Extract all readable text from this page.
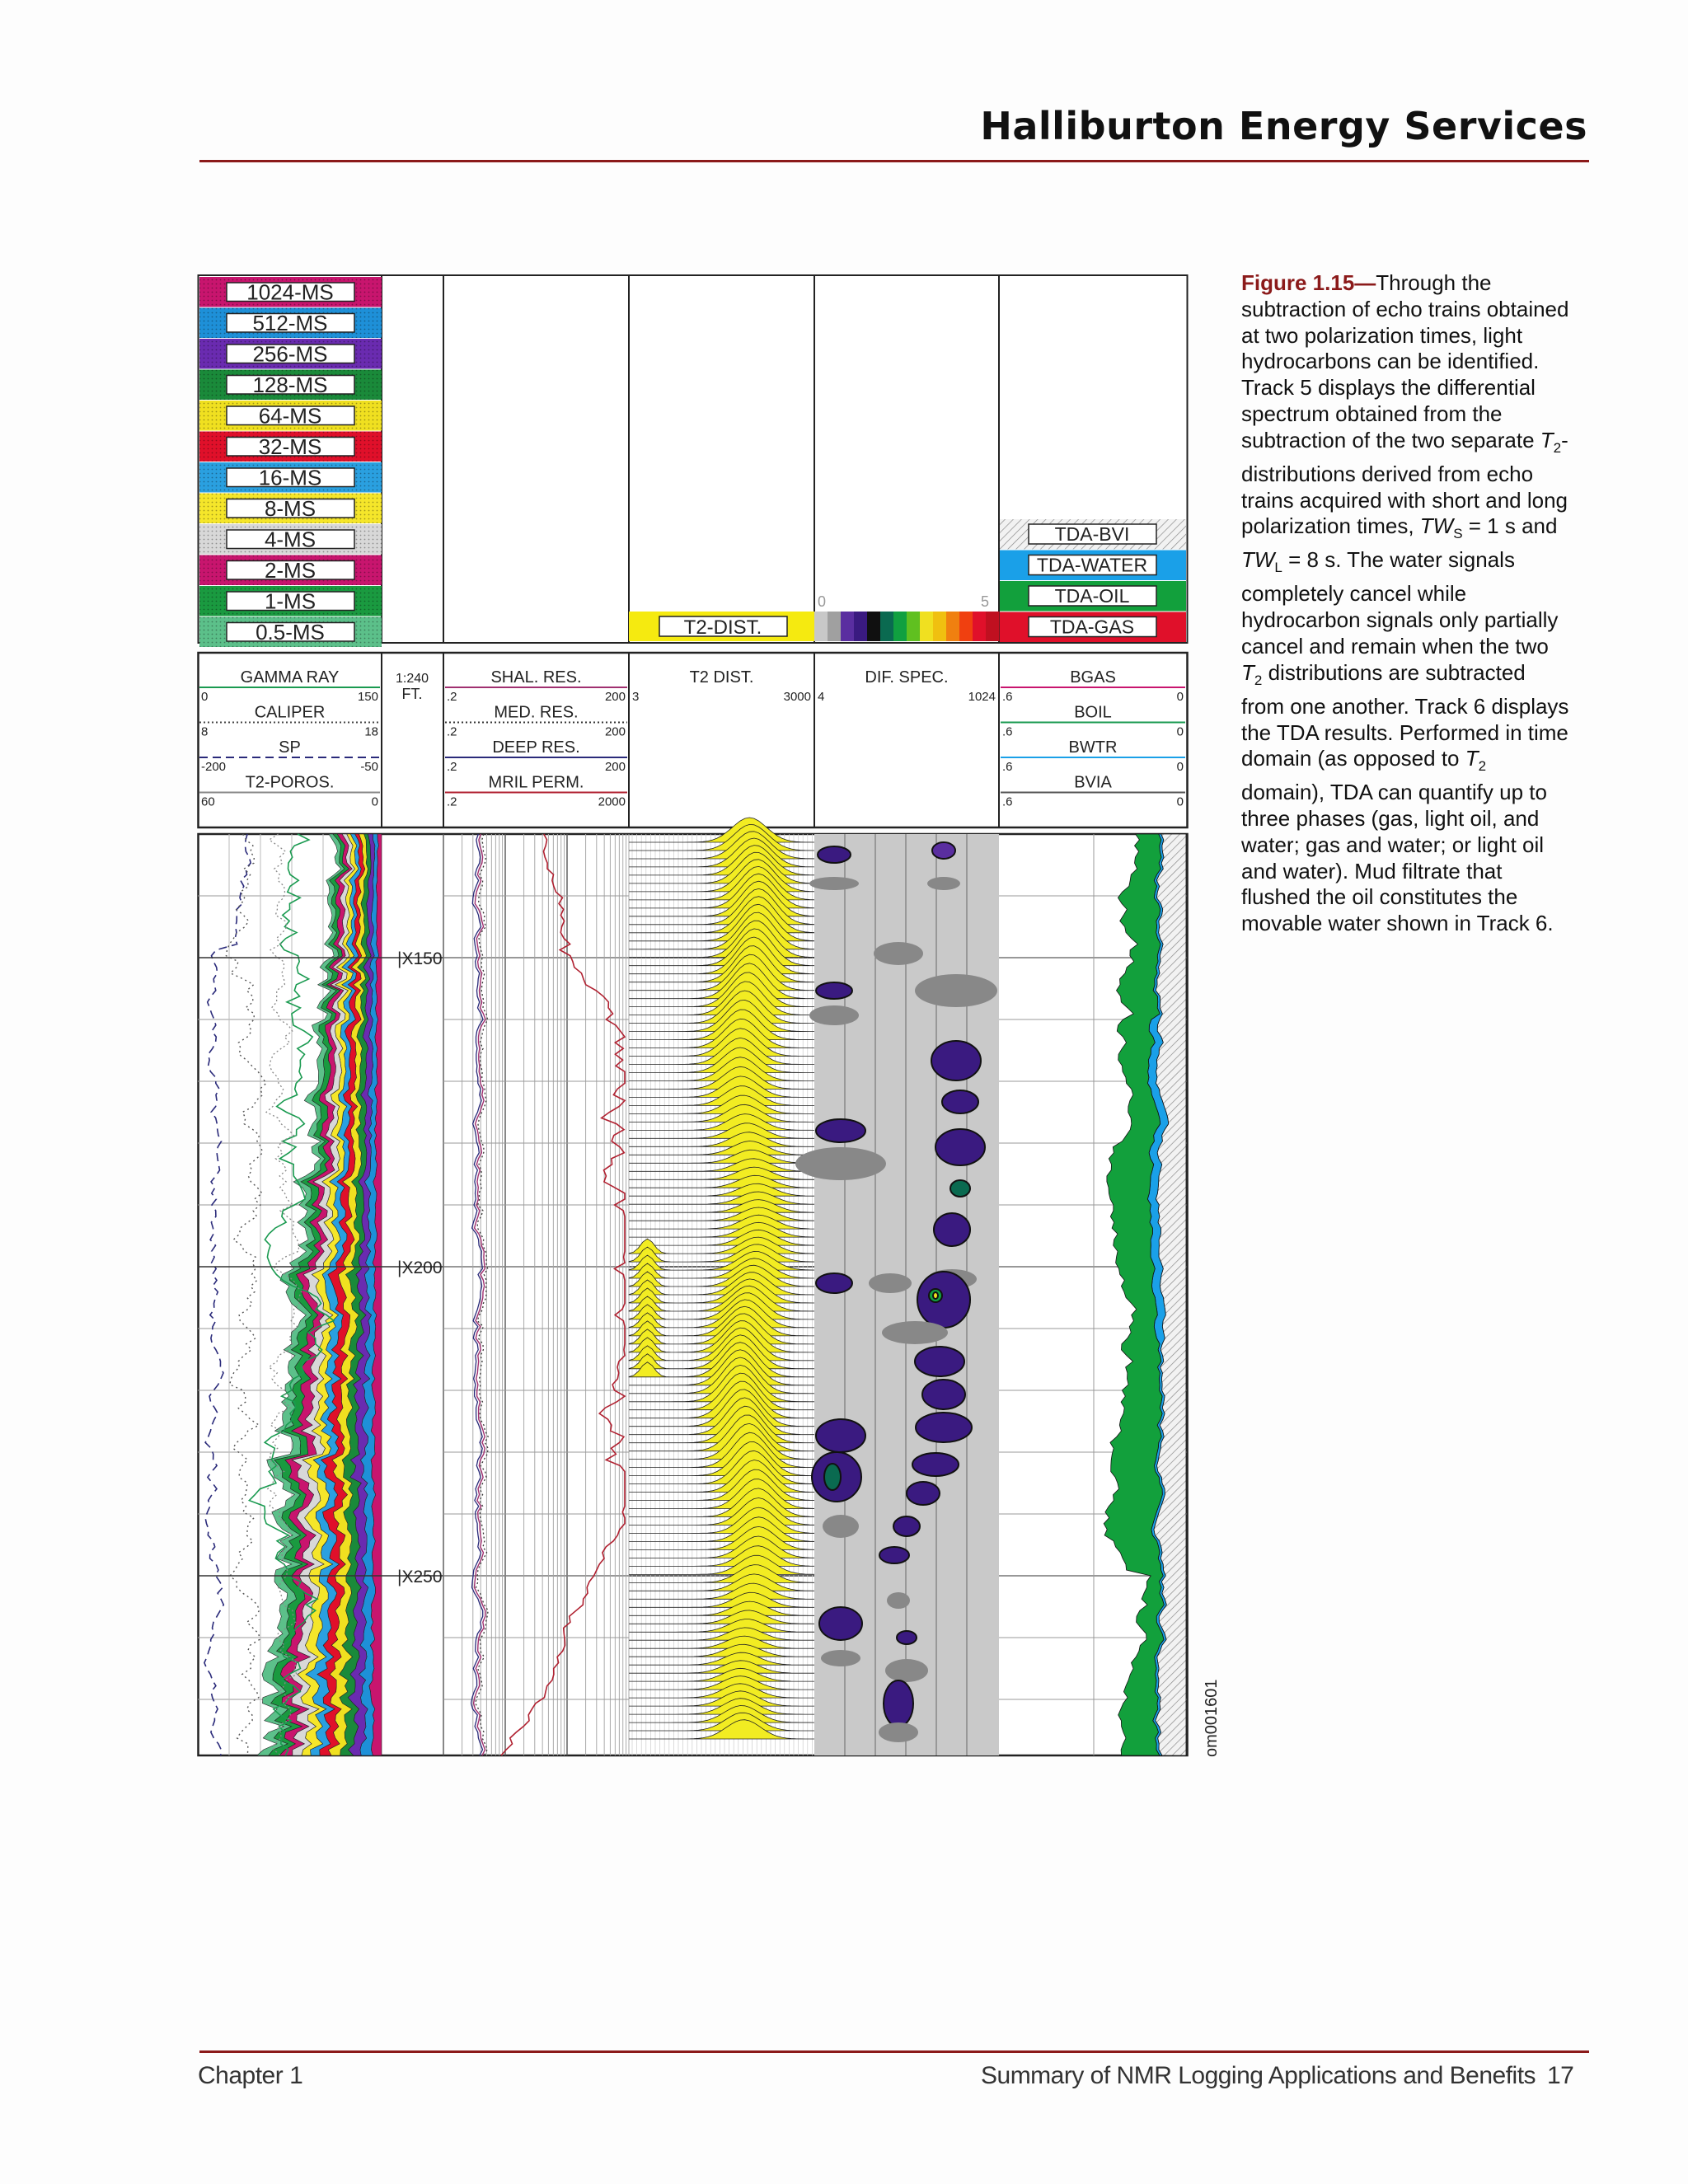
Halliburton Energy Services
1024-MS
512-MS
256-MS
128-MS
64-MS
32-MS
16-MS
8-MS
4-MS
2-MS
1-MS
0.5-MS	T2-DIST.
0	5
TDA-BVI
TDA-WATER
TDA-OIL
TDA-GAS
GAMMA RAY
0	150
CALIPER
8	18
SP
-200	-50
T2-POROS.
60	0
SHAL. RES.
.2	200
MED. RES.
.2	200
DEEP RES.
.2	200
MRIL PERM.
.2	2000
BGAS
.6	0
BOIL
.6	0
BWTR
.6	0
BVIA
.6	0
1:240
FT.
T2 DIST.
3	3000
DIF. SPEC.
4	1024
|X150
|X200
|X250
om001601
Figure 1.15—Through the subtraction of echo trains obtained at two polarization times, light hydrocarbons can be identified. Track 5 displays the differential spectrum obtained from the subtraction of the two separate $T_2$-distributions derived from echo trains acquired with short and long polarization times, $TW_S = 1$ s and $TW_L = 8$ s. The water signals completely cancel while hydrocarbon signals only partially cancel and remain when the two $T_2$ distributions are subtracted from one another. Track 6 displays the TDA results. Performed in time domain (as opposed to $T_2$ domain), TDA can quantify up to three phases (gas, light oil, and water; gas and water; or light oil and water). Mud filtrate that flushed the oil constitutes the movable water shown in Track 6.
Chapter 1	Summary of NMR Logging Applications and Benefits 17
